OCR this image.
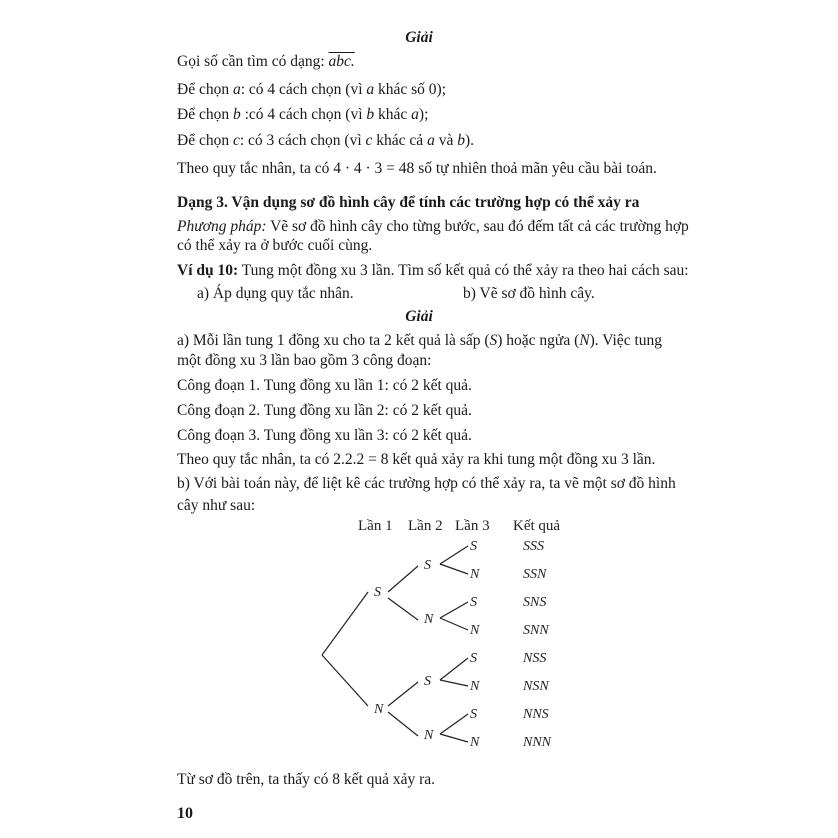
Giải
Gọi số cần tìm có dạng: abc.
Để chọn a: có 4 cách chọn (vì a khác số 0);
Để chọn b :có 4 cách chọn (vì b khác a);
Để chọn c: có 3 cách chọn (vì c khác cả a và b).
Theo quy tắc nhân, ta có 4 · 4 · 3 = 48 số tự nhiên thoả mãn yêu cầu bài toán.
Dạng 3. Vận dụng sơ đồ hình cây để tính các trường hợp có thể xảy ra
Phương pháp: Vẽ sơ đồ hình cây cho từng bước, sau đó đếm tất cả các trường hợp
có thể xảy ra ở bước cuối cùng.
Ví dụ 10: Tung một đồng xu 3 lần. Tìm số kết quả có thể xảy ra theo hai cách sau:
a) Áp dụng quy tắc nhân.	b) Vẽ sơ đồ hình cây.
Giải
a) Mỗi lần tung 1 đồng xu cho ta 2 kết quả là sấp (S) hoặc ngửa (N). Việc tung
một đồng xu 3 lần bao gồm 3 công đoạn:
Công đoạn 1. Tung đồng xu lần 1: có 2 kết quả.
Công đoạn 2. Tung đồng xu lần 2: có 2 kết quả.
Công đoạn 3. Tung đồng xu lần 3: có 2 kết quả.
Theo quy tắc nhân, ta có 2.2.2 = 8 kết quả xảy ra khi tung một đồng xu 3 lần.
b) Với bài toán này, để liệt kê các trường hợp có thể xảy ra, ta vẽ một sơ đồ hình
cây như sau:
Lần 1 Lần 2 Lần 3 Kết quả
S
N
S
N
S
N
S
N
S
N
S
N
S
N
SSS
SSN
SNS
SNN
NSS
NSN
NNS
NNN
Từ sơ đồ trên, ta thấy có 8 kết quả xảy ra.
10
